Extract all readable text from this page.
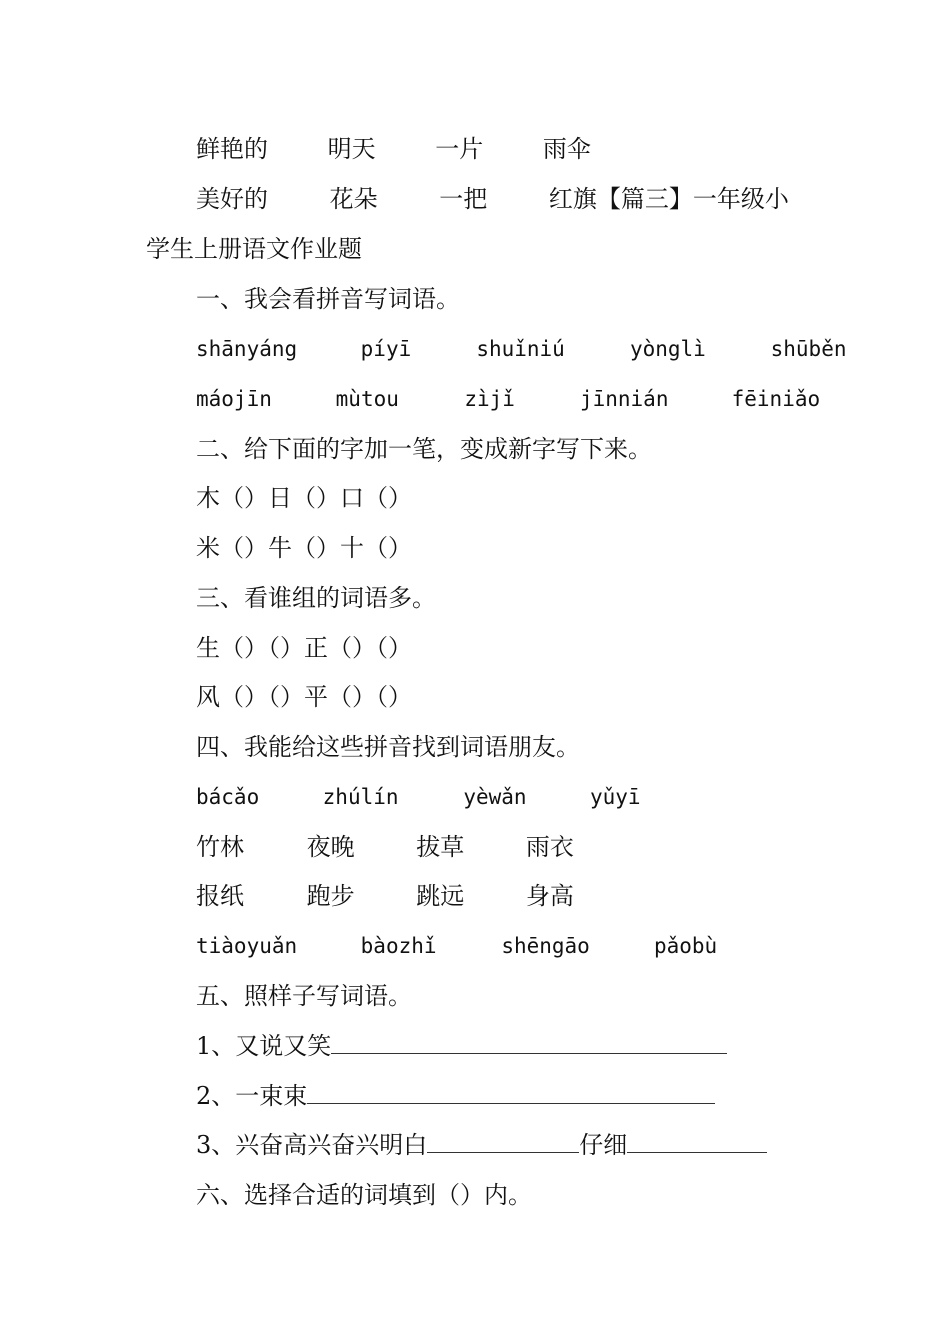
鲜艳的 明天 一片 雨伞
美好的	花朵	一把	红旗【篇三】一年级小
学生上册语文作业题
一、我会看拼音写词语。
shānyáng	píyī	shuǐniú	yònglì	shūběn
máojīn	mùtou	zìjǐ	jīnnián	fēiniǎo
二、给下面的字加一笔，变成新字写下来。
木（）日（）口（）
米（）牛（）十（）
三、看谁组的词语多。
生（）（）正（）（）
风（）（）平（）（）
四、我能给这些拼音找到词语朋友。
bácǎo	zhúlín	yèwǎn	yǔyī
竹林	夜晚	拔草	雨衣
报纸	跑步	跳远	身高
tiàoyuǎn	bàozhǐ	shēngāo	pǎobù
五、照样子写词语。
1、又说又笑
2、一束束
3、兴奋高兴奋兴明白	仔细
六、选择合适的词填到（）内。
